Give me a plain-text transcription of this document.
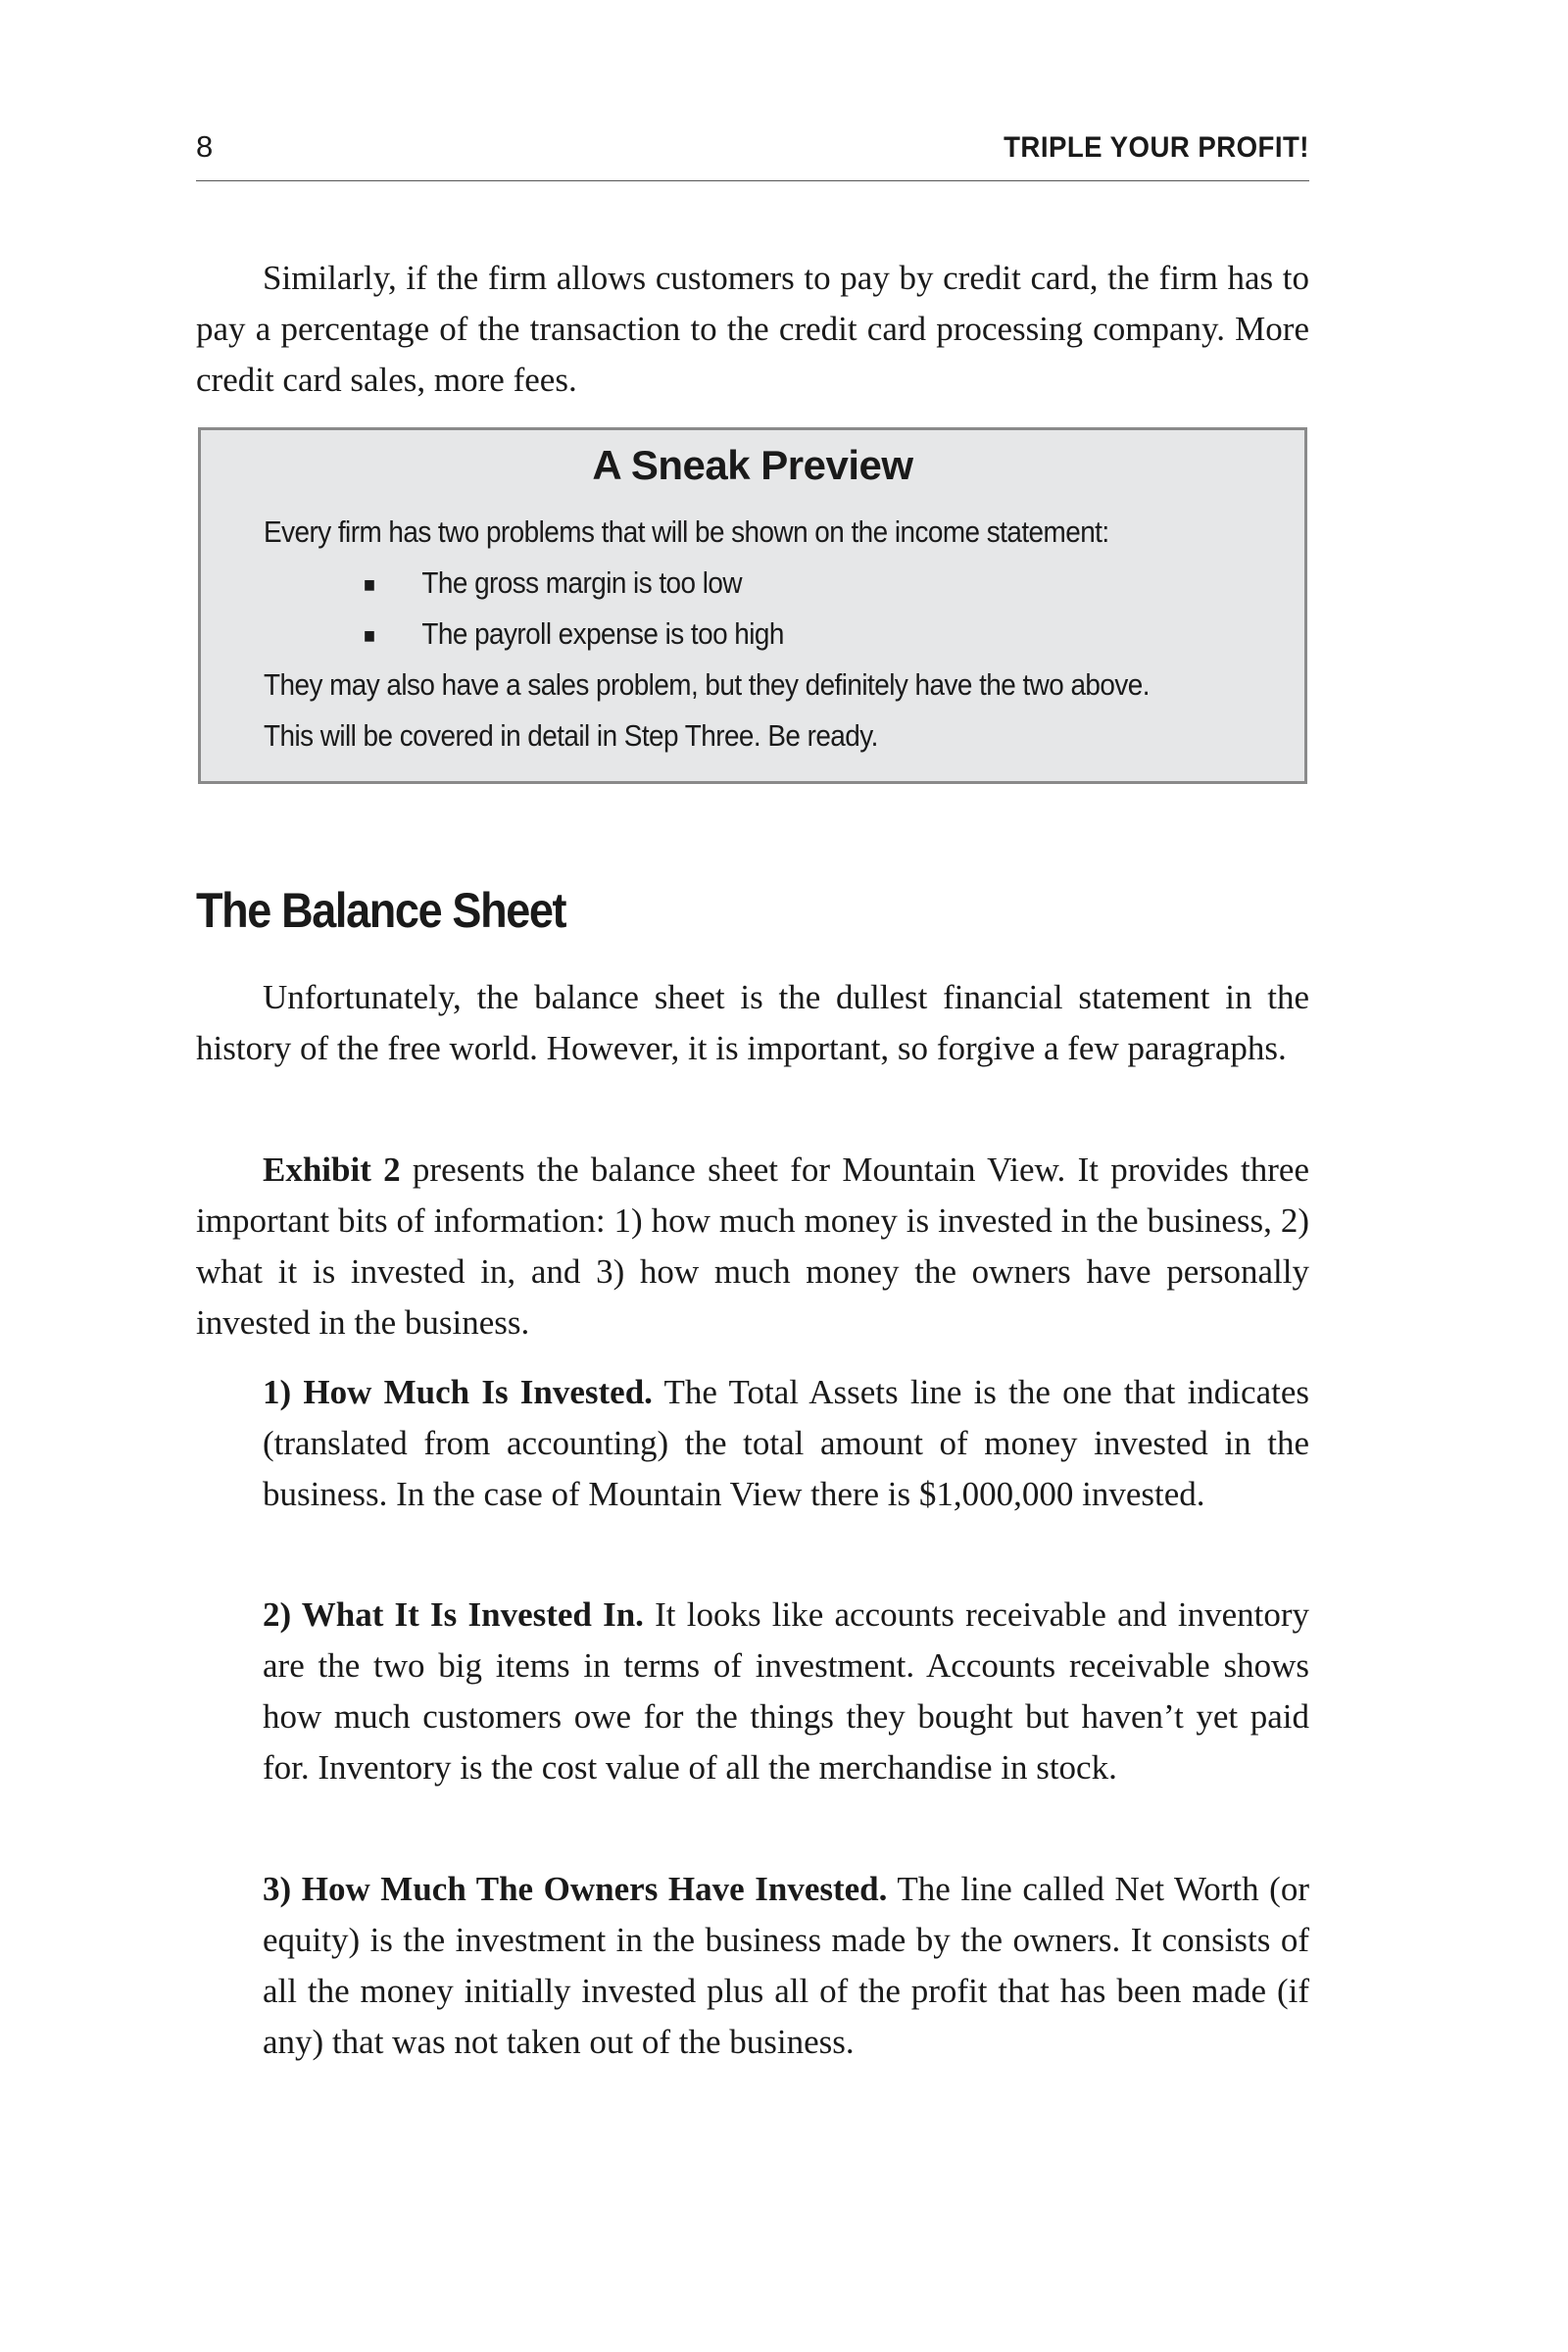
8	TRIPLE YOUR PROFIT!

Similarly, if the firm allows customers to pay by credit card, the firm has to pay a percentage of the transaction to the credit card processing company. More credit card sales, more fees.

A Sneak Preview
Every firm has two problems that will be shown on the income statement:
■ The gross margin is too low
■ The payroll expense is too high
They may also have a sales problem, but they definitely have the two above.
This will be covered in detail in Step Three. Be ready.
The Balance Sheet

Unfortunately, the balance sheet is the dullest financial statement in the history of the free world. However, it is important, so forgive a few paragraphs.

Exhibit 2 presents the balance sheet for Mountain View. It provides three important bits of information: 1) how much money is invested in the business, 2) what it is invested in, and 3) how much money the owners have personally invested in the business.

1) How Much Is Invested. The Total Assets line is the one that indicates (translated from accounting) the total amount of money invested in the business. In the case of Mountain View there is $1,000,000 invested.

2) What It Is Invested In. It looks like accounts receivable and inventory are the two big items in terms of investment. Accounts receivable shows how much customers owe for the things they bought but haven’t yet paid for. Inventory is the cost value of all the merchandise in stock.

3) How Much The Owners Have Invested. The line called Net Worth (or equity) is the investment in the business made by the owners. It consists of all the money initially invested plus all of the profit that has been made (if any) that was not taken out of the business.
